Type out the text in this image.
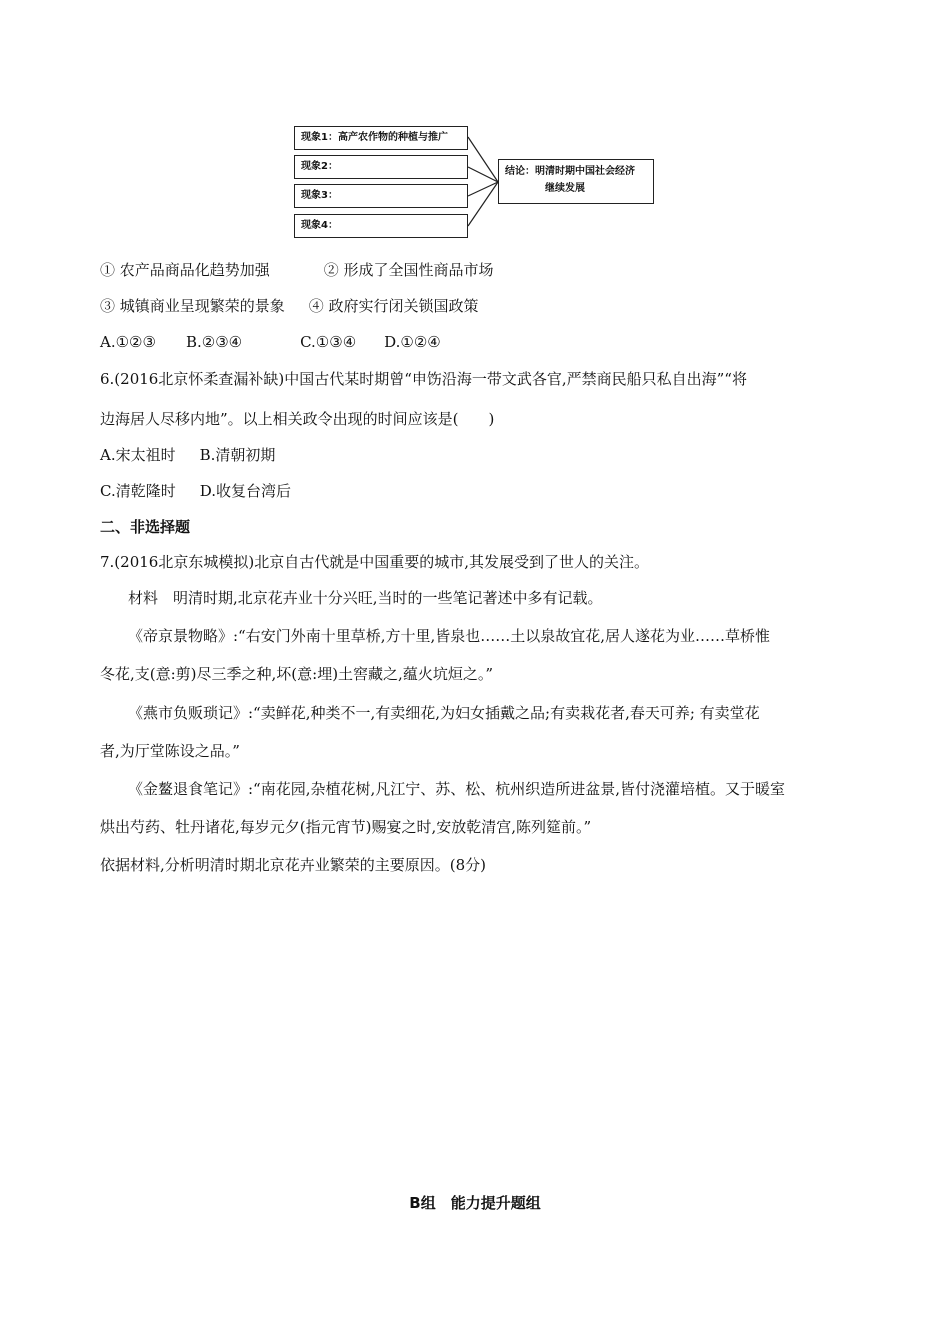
现象1：高产农作物的种植与推广
现象2：
现象3：
现象4：
结论：明清时期中国社会经济
继续发展
① 农产品商品化趋势加强	② 形成了全国性商品市场
③ 城镇商业呈现繁荣的景象 ④ 政府实行闭关锁国政策
A.①②③ B.②③④	C.①③④ D.①②④
6.(2016北京怀柔查漏补缺)中国古代某时期曾“申饬沿海一带文武各官,严禁商民船只私自出海”“将
边海居人尽移内地”。以上相关政令出现的时间应该是(　　)
A.宋太祖时 B.清朝初期
C.清乾隆时 D.收复台湾后
二、非选择题
7.(2016北京东城模拟)北京自古代就是中国重要的城市,其发展受到了世人的关注。
材料　明清时期,北京花卉业十分兴旺,当时的一些笔记著述中多有记载。
《帝京景物略》:“右安门外南十里草桥,方十里,皆泉也……土以泉故宜花,居人遂花为业……草桥惟
冬花,支(意:剪)尽三季之种,坏(意:埋)土窖藏之,蕴火坑烜之。”
《燕市负贩琐记》:“卖鲜花,种类不一,有卖细花,为妇女插戴之品;有卖栽花者,春天可养; 有卖堂花
者,为厅堂陈设之品。”
《金鳌退食笔记》:“南花园,杂植花树,凡江宁、苏、松、杭州织造所进盆景,皆付浇灌培植。又于暖室
烘出芍药、牡丹诸花,每岁元夕(指元宵节)赐宴之时,安放乾清宫,陈列筵前。”
依据材料,分析明清时期北京花卉业繁荣的主要原因。(8分)
B组　能力提升题组
